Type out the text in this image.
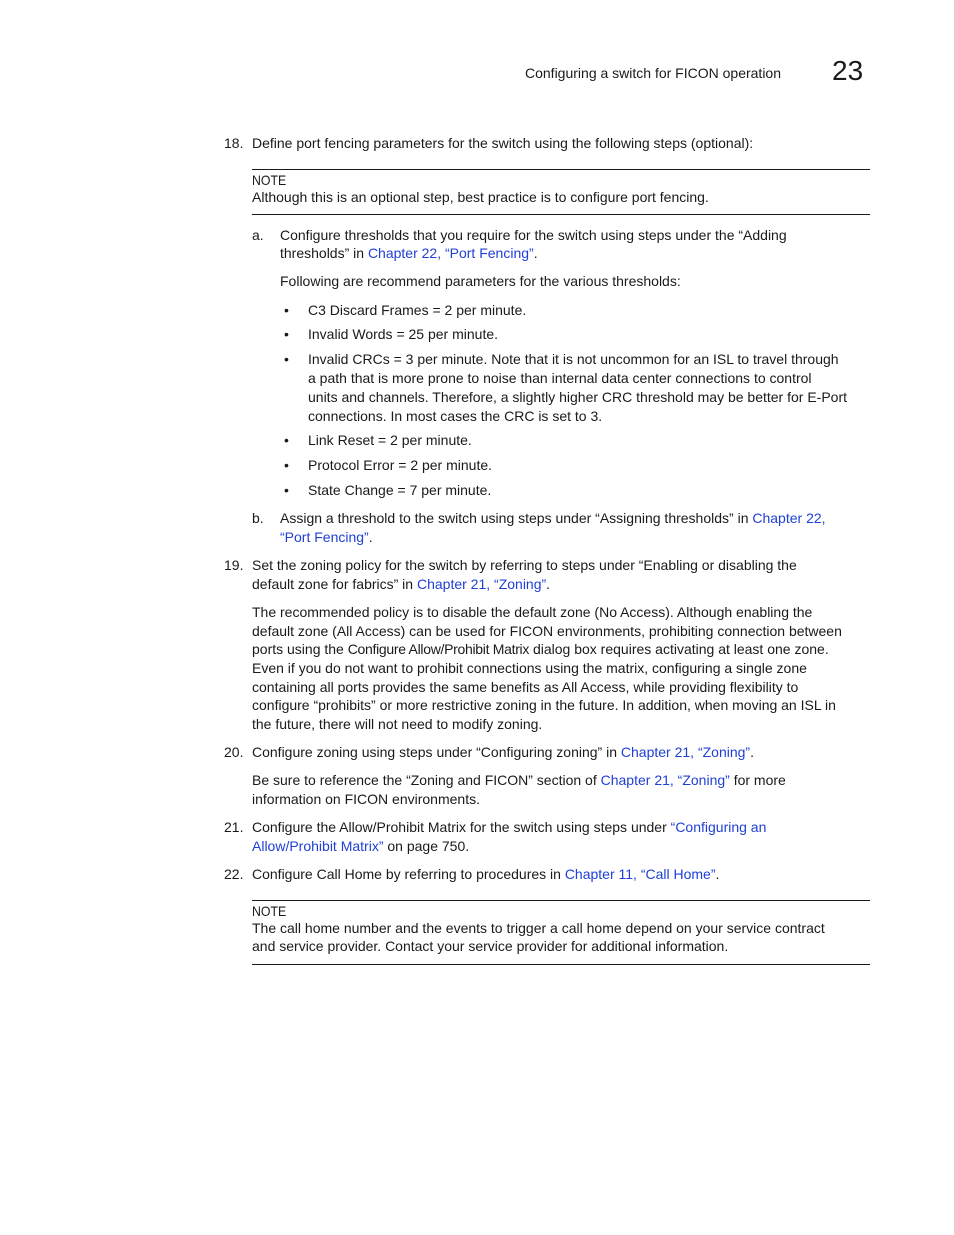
Configuring a switch for FICON operation 23
18. Define port fencing parameters for the switch using the following steps (optional):
NOTE
Although this is an optional step, best practice is to configure port fencing.
a. Configure thresholds that you require for the switch using steps under the “Adding
thresholds” in Chapter 22, “Port Fencing”.
Following are recommend parameters for the various thresholds:
• C3 Discard Frames = 2 per minute.
• Invalid Words = 25 per minute.
• Invalid CRCs = 3 per minute. Note that it is not uncommon for an ISL to travel through
a path that is more prone to noise than internal data center connections to control
units and channels. Therefore, a slightly higher CRC threshold may be better for E-Port
connections. In most cases the CRC is set to 3.
• Link Reset = 2 per minute.
• Protocol Error = 2 per minute.
• State Change = 7 per minute.
b. Assign a threshold to the switch using steps under “Assigning thresholds” in Chapter 22,
“Port Fencing”.
19. Set the zoning policy for the switch by referring to steps under “Enabling or disabling the
default zone for fabrics” in Chapter 21, “Zoning”.
The recommended policy is to disable the default zone (No Access). Although enabling the
default zone (All Access) can be used for FICON environments, prohibiting connection between
ports using the Configure Allow/Prohibit Matrix dialog box requires activating at least one zone.
Even if you do not want to prohibit connections using the matrix, configuring a single zone
containing all ports provides the same benefits as All Access, while providing flexibility to
configure “prohibits” or more restrictive zoning in the future. In addition, when moving an ISL in
the future, there will not need to modify zoning.
20. Configure zoning using steps under “Configuring zoning” in Chapter 21, “Zoning”.
Be sure to reference the “Zoning and FICON” section of Chapter 21, “Zoning” for more
information on FICON environments.
21. Configure the Allow/Prohibit Matrix for the switch using steps under “Configuring an
Allow/Prohibit Matrix” on page 750.
22. Configure Call Home by referring to procedures in Chapter 11, “Call Home”.
NOTE
The call home number and the events to trigger a call home depend on your service contract
and service provider. Contact your service provider for additional information.
